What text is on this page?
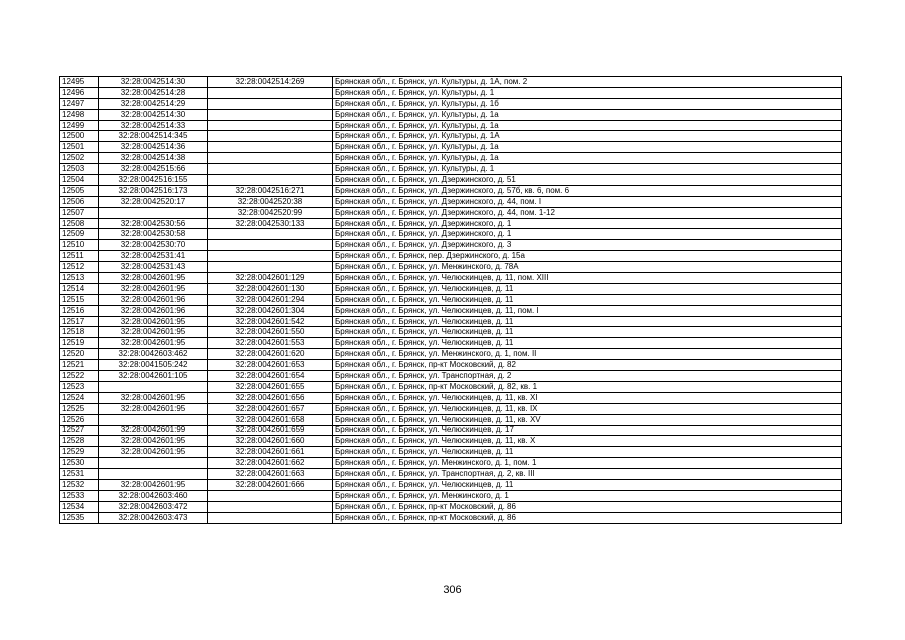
12495	32:28:0042514:30	32:28:0042514:269	Брянская обл., г. Брянск, ул. Культуры, д. 1А, пом. 2
12496	32:28:0042514:28		Брянская обл., г. Брянск, ул. Культуры, д. 1
12497	32:28:0042514:29		Брянская обл., г. Брянск, ул. Культуры, д. 1б
12498	32:28:0042514:30		Брянская обл., г. Брянск, ул. Культуры, д. 1а
12499	32:28:0042514:33		Брянская обл., г. Брянск, ул. Культуры, д. 1а
12500	32:28:0042514:345		Брянская обл., г. Брянск, ул. Культуры, д. 1А
12501	32:28:0042514:36		Брянская обл., г. Брянск, ул. Культуры, д. 1а
12502	32:28:0042514:38		Брянская обл., г. Брянск, ул. Культуры, д. 1а
12503	32:28:0042515:66		Брянская обл., г. Брянск, ул. Культуры, д. 1
12504	32:28:0042516:155		Брянская обл., г. Брянск, ул. Дзержинского, д. 51
12505	32:28:0042516:173	32:28:0042516:271	Брянская обл., г. Брянск, ул. Дзержинского, д. 57б, кв. 6, пом. 6
12506	32:28:0042520:17	32:28:0042520:38	Брянская обл., г. Брянск, ул. Дзержинского, д. 44, пом. I
12507		32:28:0042520:99	Брянская обл., г. Брянск, ул. Дзержинского, д. 44, пом. 1-12
12508	32:28:0042530:56	32:28:0042530:133	Брянская обл., г. Брянск, ул. Дзержинского, д. 1
12509	32:28:0042530:58		Брянская обл., г. Брянск, ул. Дзержинского, д. 1
12510	32:28:0042530:70		Брянская обл., г. Брянск, ул. Дзержинского, д. 3
12511	32:28:0042531:41		Брянская обл., г. Брянск, пер. Дзержинского, д. 15а
12512	32:28:0042531:43		Брянская обл., г. Брянск, ул. Менжинского, д. 78А
12513	32:28:0042601:95	32:28:0042601:129	Брянская обл., г. Брянск, ул. Челюскинцев, д. 11, пом. XIII
12514	32:28:0042601:95	32:28:0042601:130	Брянская обл., г. Брянск, ул. Челюскинцев, д. 11
12515	32:28:0042601:96	32:28:0042601:294	Брянская обл., г. Брянск, ул. Челюскинцев, д. 11
12516	32:28:0042601:96	32:28:0042601:304	Брянская обл., г. Брянск, ул. Челюскинцев, д. 11, пом. I
12517	32:28:0042601:95	32:28:0042601:542	Брянская обл., г. Брянск, ул. Челюскинцев, д. 11
12518	32:28:0042601:95	32:28:0042601:550	Брянская обл., г. Брянск, ул. Челюскинцев, д. 11
12519	32:28:0042601:95	32:28:0042601:553	Брянская обл., г. Брянск, ул. Челюскинцев, д. 11
12520	32:28:0042603:462	32:28:0042601:620	Брянская обл., г. Брянск, ул. Менжинского, д. 1, пом. II
12521	32:28:0041505:242	32:28:0042601:653	Брянская обл., г. Брянск, пр-кт Московский, д. 82
12522	32:28:0042601:105	32:28:0042601:654	Брянская обл., г. Брянск, ул. Транспортная, д. 2
12523		32:28:0042601:655	Брянская обл., г. Брянск, пр-кт Московский, д. 82, кв. 1
12524	32:28:0042601:95	32:28:0042601:656	Брянская обл., г. Брянск, ул. Челюскинцев, д. 11, кв. XI
12525	32:28:0042601:95	32:28:0042601:657	Брянская обл., г. Брянск, ул. Челюскинцев, д. 11, кв. IX
12526		32:28:0042601:658	Брянская обл., г. Брянск, ул. Челюскинцев, д. 11, кв. XV
12527	32:28:0042601:99	32:28:0042601:659	Брянская обл., г. Брянск, ул. Челюскинцев, д. 17
12528	32:28:0042601:95	32:28:0042601:660	Брянская обл., г. Брянск, ул. Челюскинцев, д. 11, кв. X
12529	32:28:0042601:95	32:28:0042601:661	Брянская обл., г. Брянск, ул. Челюскинцев, д. 11
12530		32:28:0042601:662	Брянская обл., г. Брянск, ул. Менжинского, д. 1, пом. 1
12531		32:28:0042601:663	Брянская обл., г. Брянск, ул. Транспортная, д. 2, кв. III
12532	32:28:0042601:95	32:28:0042601:666	Брянская обл., г. Брянск, ул. Челюскинцев, д. 11
12533	32:28:0042603:460		Брянская обл., г. Брянск, ул. Менжинского, д. 1
12534	32:28:0042603:472		Брянская обл., г. Брянск, пр-кт Московский, д. 86
12535	32:28:0042603:473		Брянская обл., г. Брянск, пр-кт Московский, д. 86
306
